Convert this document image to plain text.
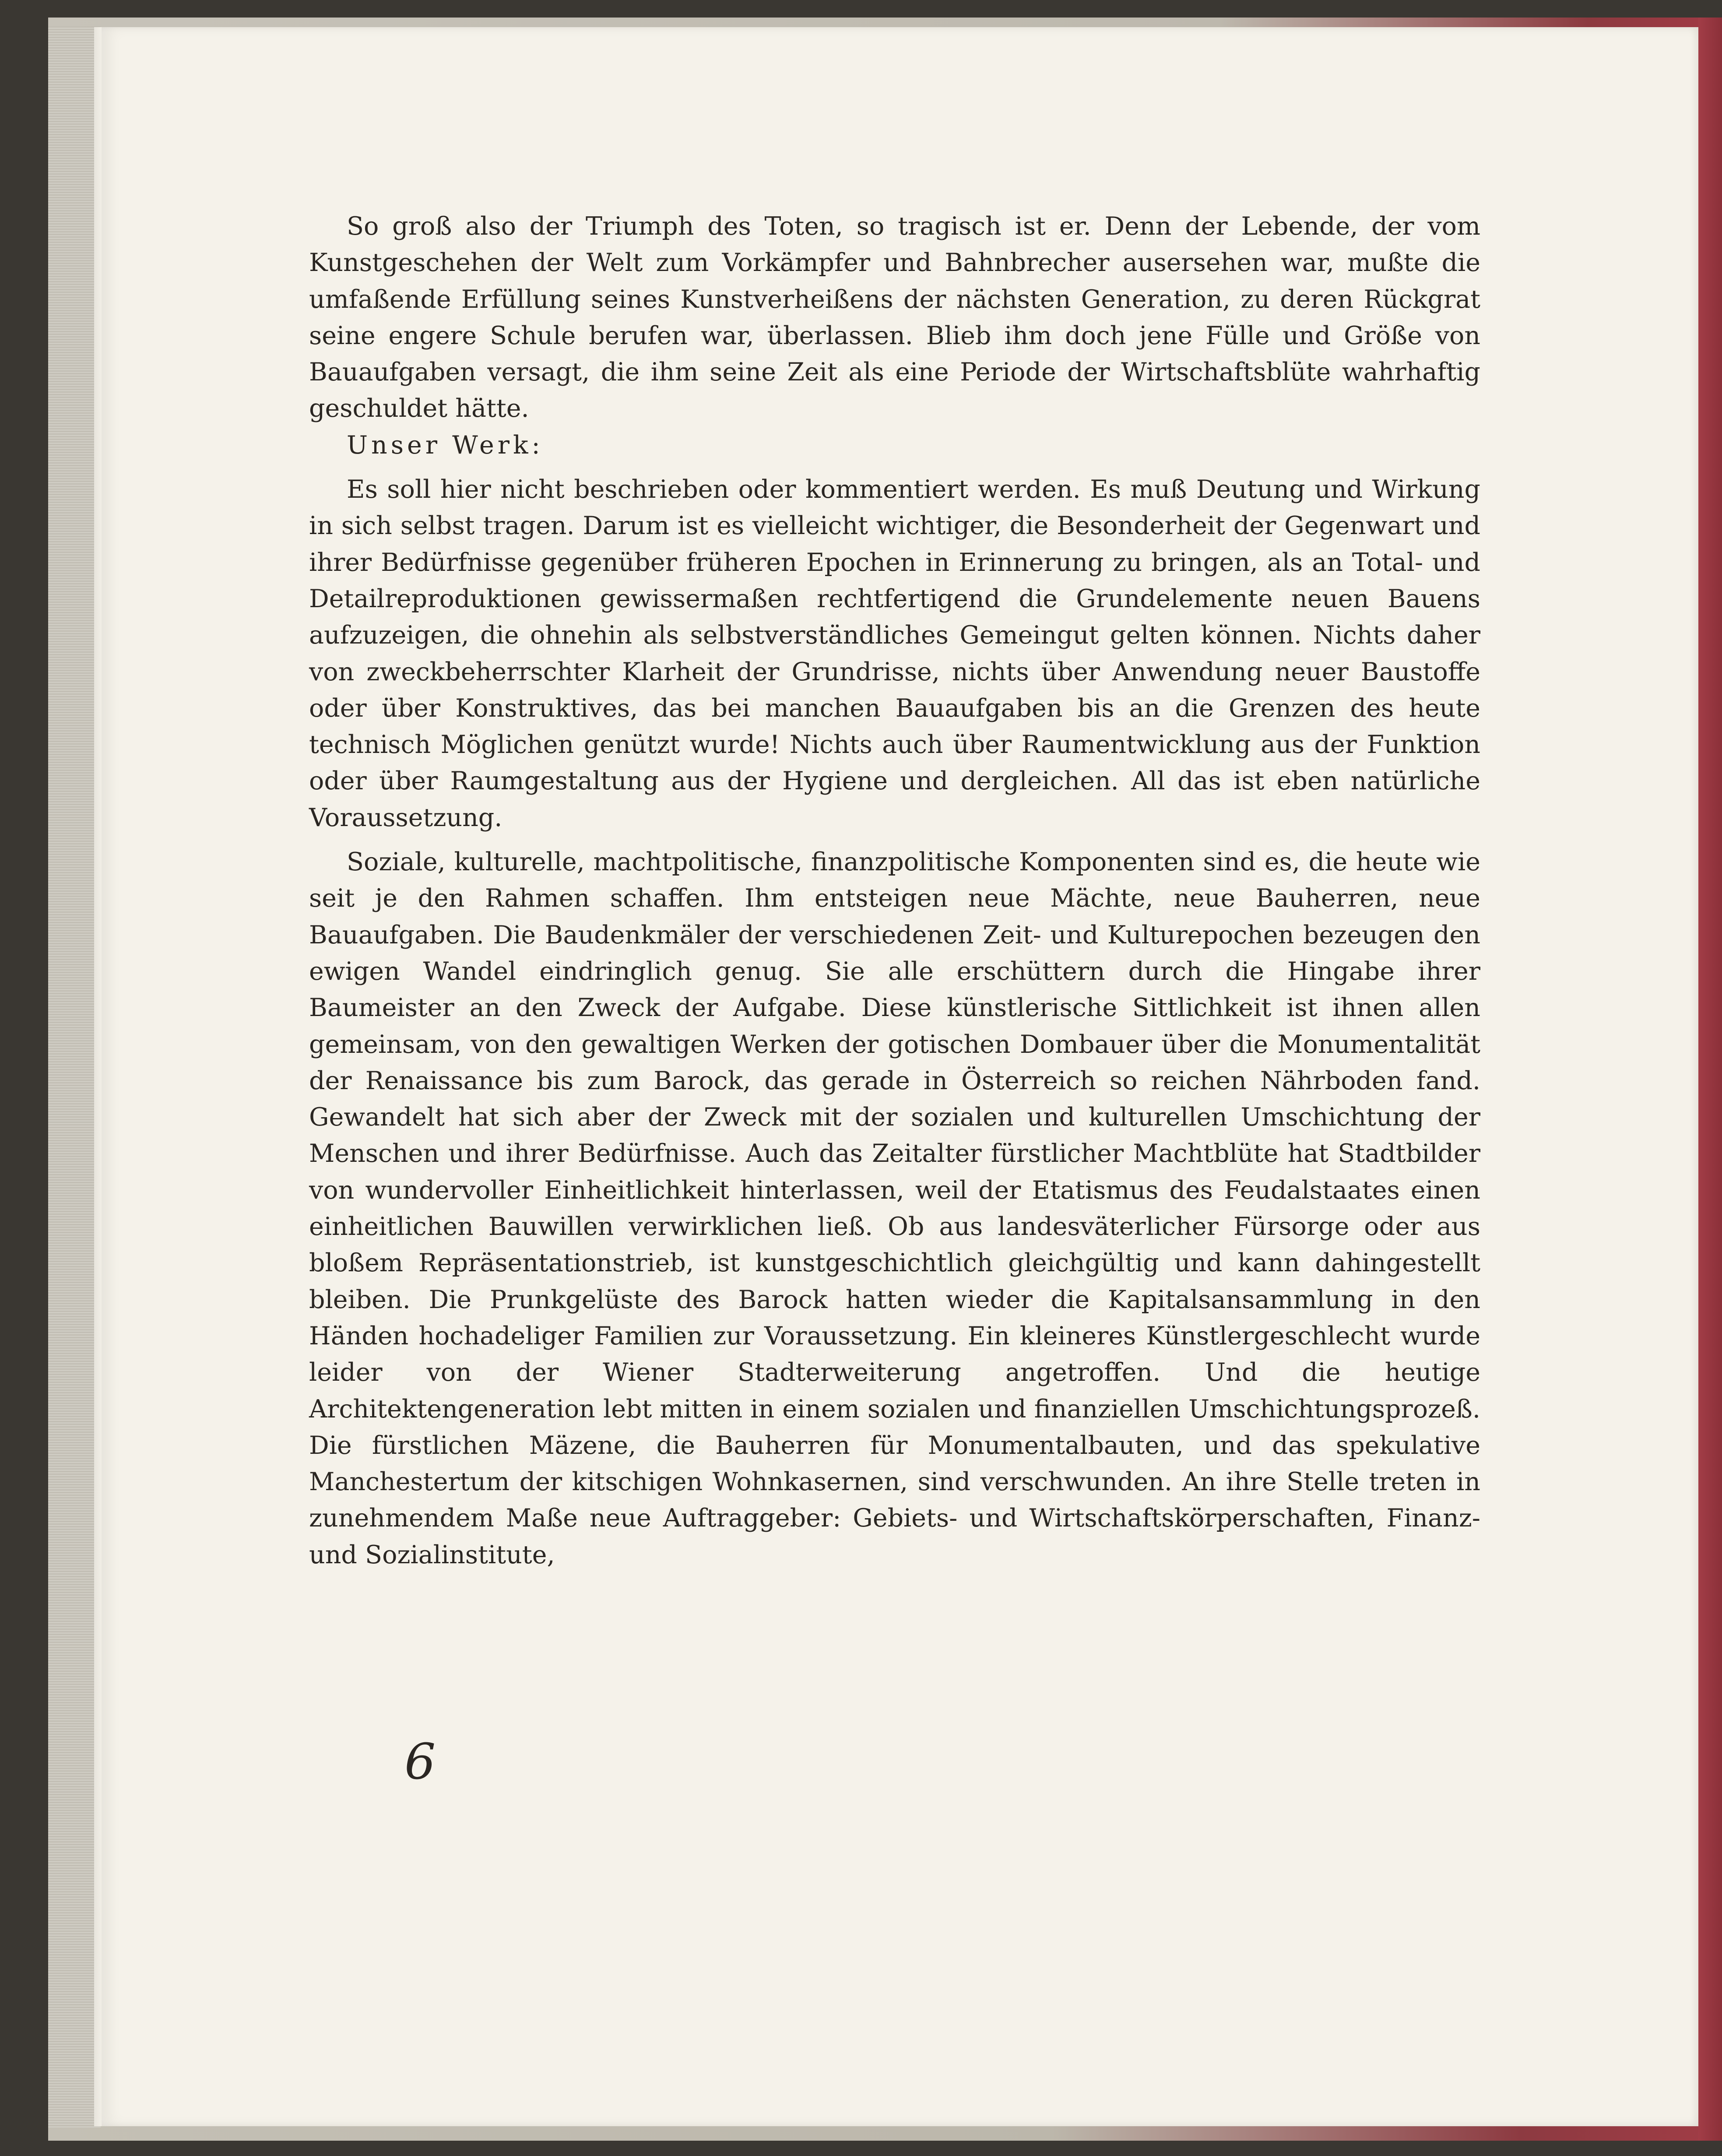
So groß also der Triumph des Toten, so tragisch ist er. Denn der Lebende, der vom Kunstgeschehen der Welt zum Vorkämpfer und Bahnbrecher ausersehen war, mußte die umfaßende Erfüllung seines Kunstverheißens der nächsten Generation, zu deren Rückgrat seine engere Schule berufen war, überlassen. Blieb ihm doch jene Fülle und Größe von Bauaufgaben versagt, die ihm seine Zeit als eine Periode der Wirtschaftsblüte wahrhaftig geschuldet hätte.

Unser Werk:

Es soll hier nicht beschrieben oder kommentiert werden. Es muß Deutung und Wirkung in sich selbst tragen. Darum ist es vielleicht wichtiger, die Besonderheit der Gegenwart und ihrer Bedürfnisse gegenüber früheren Epochen in Erinnerung zu bringen, als an Total- und Detailreproduktionen gewissermaßen rechtfertigend die Grundelemente neuen Bauens aufzuzeigen, die ohnehin als selbstverständliches Gemeingut gelten können. Nichts daher von zweckbeherrschter Klarheit der Grundrisse, nichts über Anwendung neuer Baustoffe oder über Konstruktives, das bei manchen Bauaufgaben bis an die Grenzen des heute technisch Möglichen genützt wurde! Nichts auch über Raumentwicklung aus der Funktion oder über Raumgestaltung aus der Hygiene und dergleichen. All das ist eben natürliche Voraussetzung.

Soziale, kulturelle, machtpolitische, finanzpolitische Komponenten sind es, die heute wie seit je den Rahmen schaffen. Ihm entsteigen neue Mächte, neue Bauherren, neue Bauaufgaben. Die Baudenkmäler der verschiedenen Zeit- und Kulturepochen bezeugen den ewigen Wandel eindringlich genug. Sie alle erschüttern durch die Hingabe ihrer Baumeister an den Zweck der Aufgabe. Diese künstlerische Sittlichkeit ist ihnen allen gemeinsam, von den gewaltigen Werken der gotischen Dombauer über die Monumentalität der Renaissance bis zum Barock, das gerade in Österreich so reichen Nährboden fand. Gewandelt hat sich aber der Zweck mit der sozialen und kulturellen Umschichtung der Menschen und ihrer Bedürfnisse. Auch das Zeitalter fürstlicher Machtblüte hat Stadtbilder von wundervoller Einheitlichkeit hinterlassen, weil der Etatismus des Feudalstaates einen einheitlichen Bauwillen verwirklichen ließ. Ob aus landesväterlicher Fürsorge oder aus bloßem Repräsentationstrieb, ist kunstgeschichtlich gleichgültig und kann dahingestellt bleiben. Die Prunkgelüste des Barock hatten wieder die Kapitalsansammlung in den Händen hochadeliger Familien zur Voraussetzung. Ein kleineres Künstlergeschlecht wurde leider von der Wiener Stadterweiterung angetroffen. Und die heutige Architektengeneration lebt mitten in einem sozialen und finanziellen Umschichtungsprozeß. Die fürstlichen Mäzene, die Bauherren für Monumentalbauten, und das spekulative Manchestertum der kitschigen Wohnkasernen, sind verschwunden. An ihre Stelle treten in zunehmendem Maße neue Auftraggeber: Gebiets- und Wirtschaftskörperschaften, Finanz- und Sozialinstitute,

6
